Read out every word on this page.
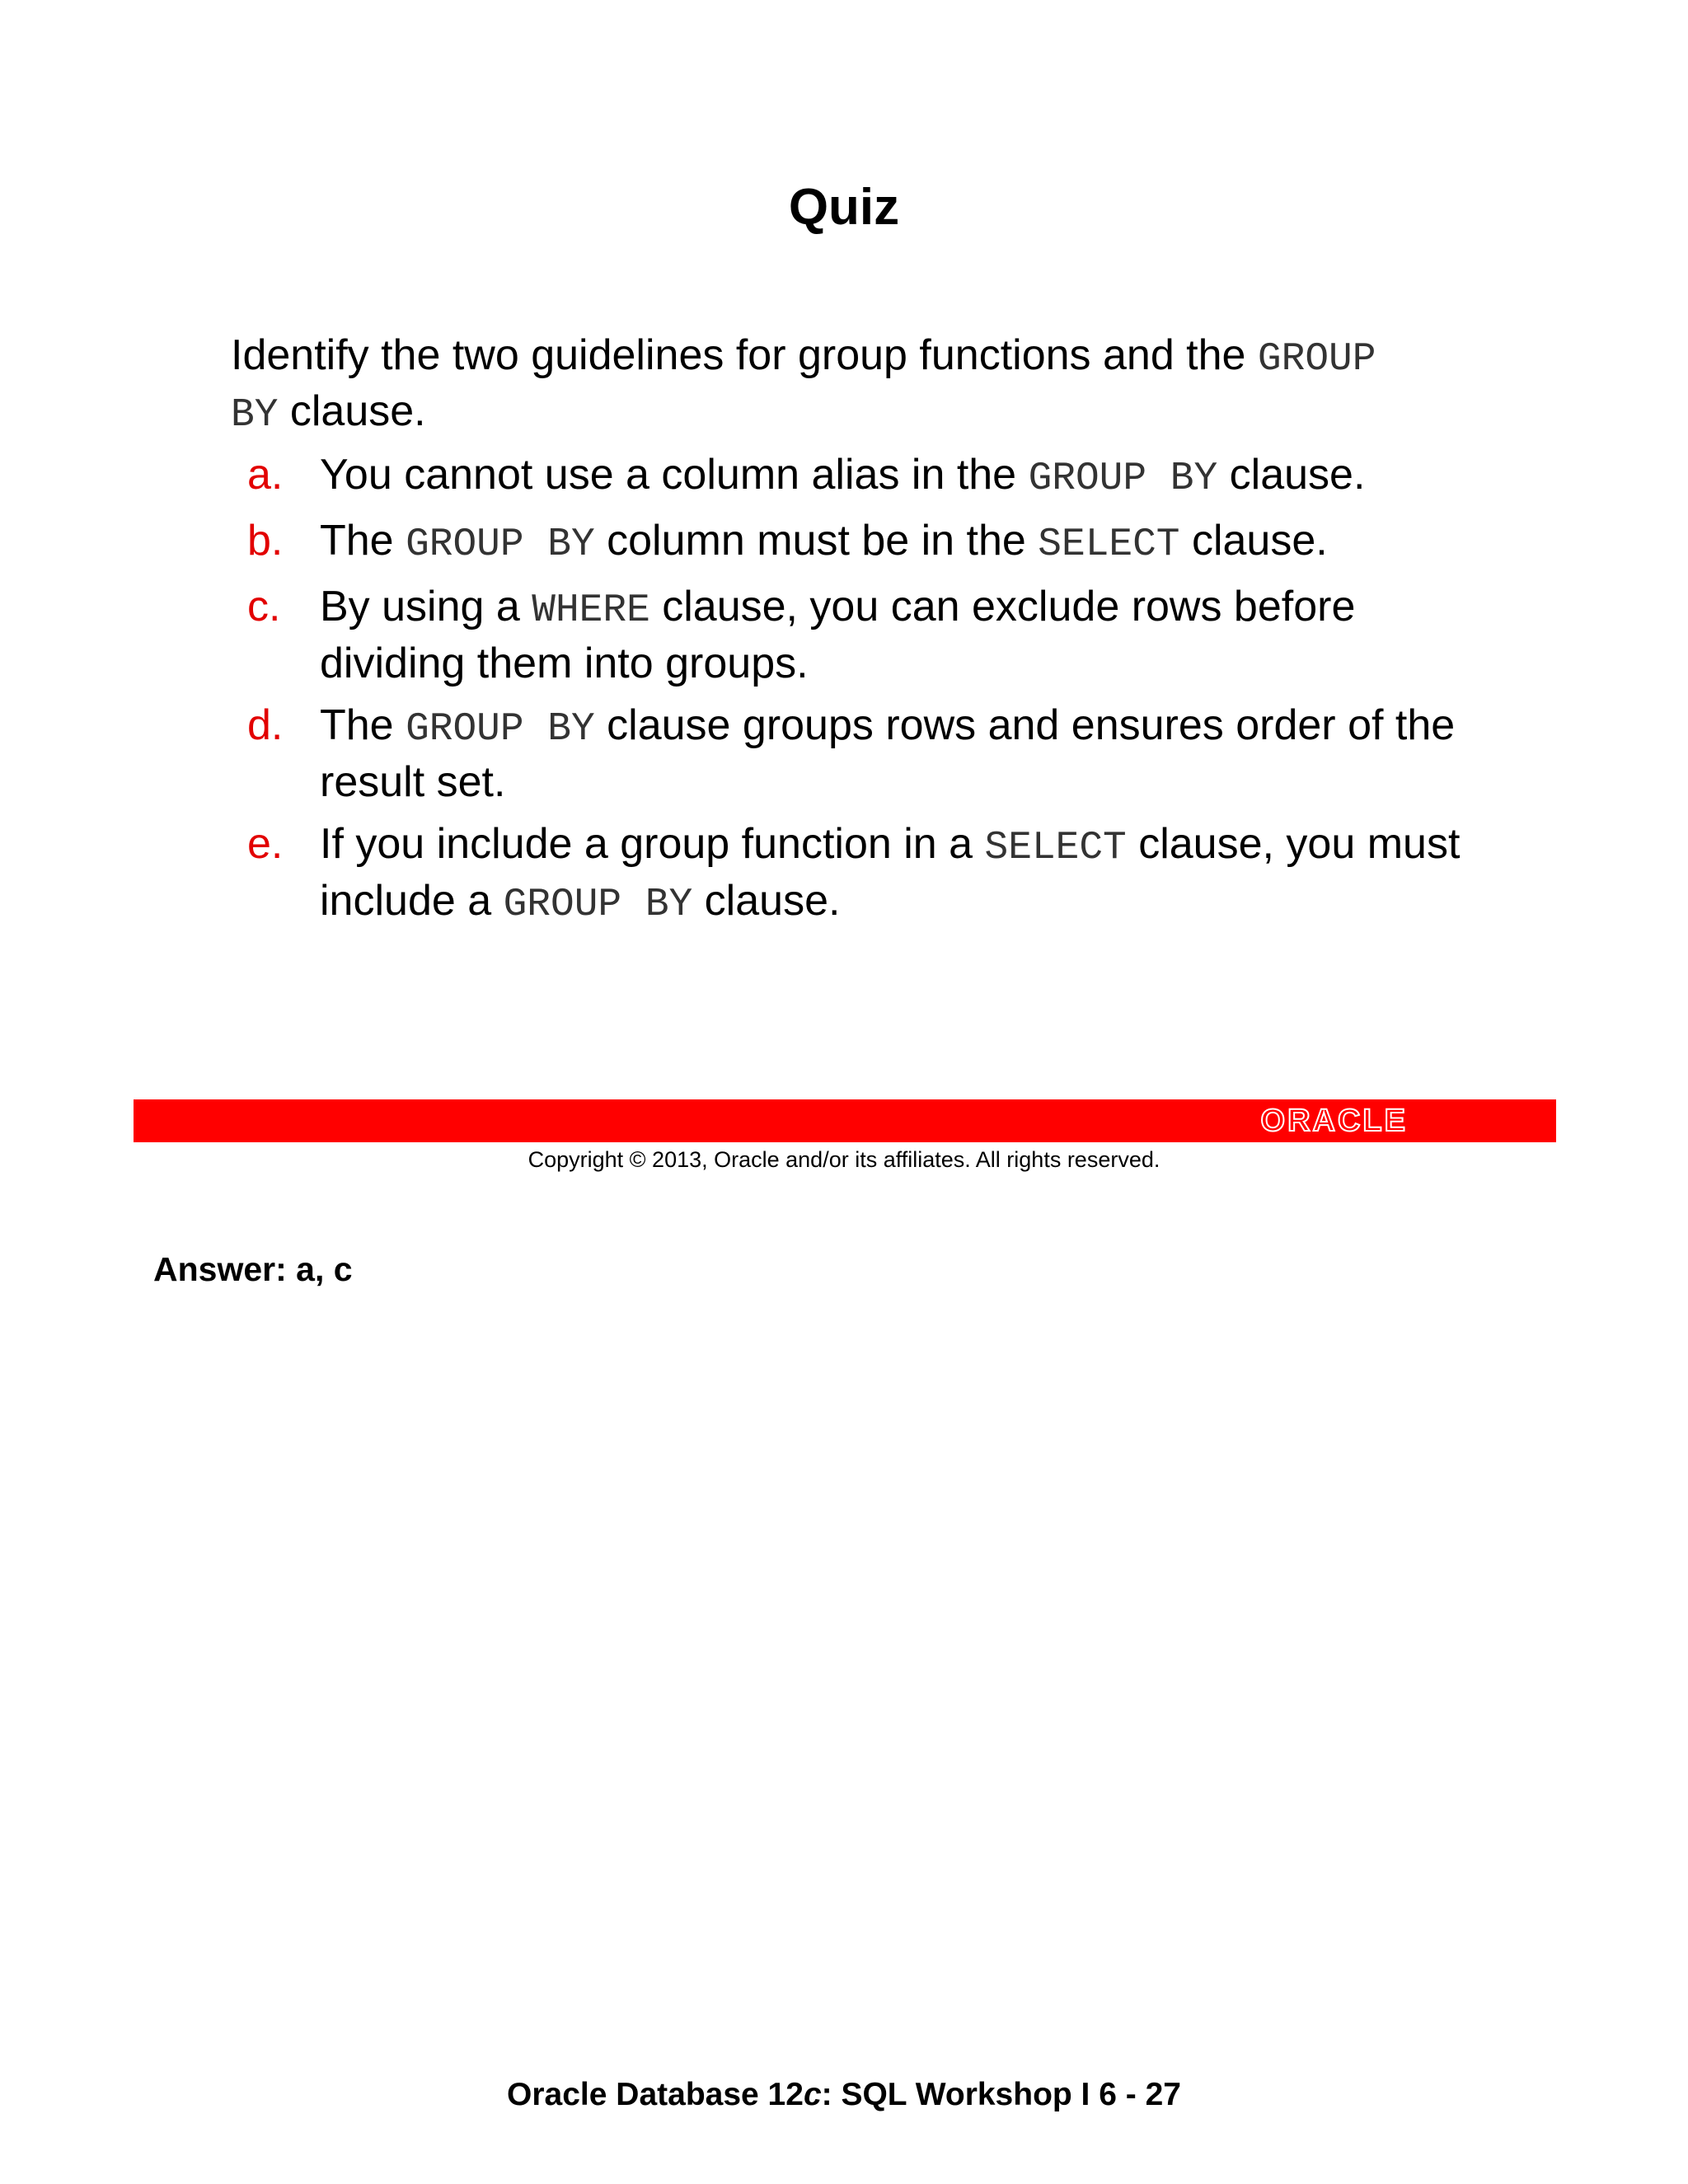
Quiz

Identify the two guidelines for group functions and the GROUP BY clause.

a. You cannot use a column alias in the GROUP BY clause.
b. The GROUP BY column must be in the SELECT clause.
c. By using a WHERE clause, you can exclude rows before dividing them into groups.
d. The GROUP BY clause groups rows and ensures order of the result set.
e. If you include a group function in a SELECT clause, you must include a GROUP BY clause.
ORACLE
Copyright © 2013, Oracle and/or its affiliates. All rights reserved.
Answer: a, c
Oracle Database 12c: SQL Workshop I 6 - 27
